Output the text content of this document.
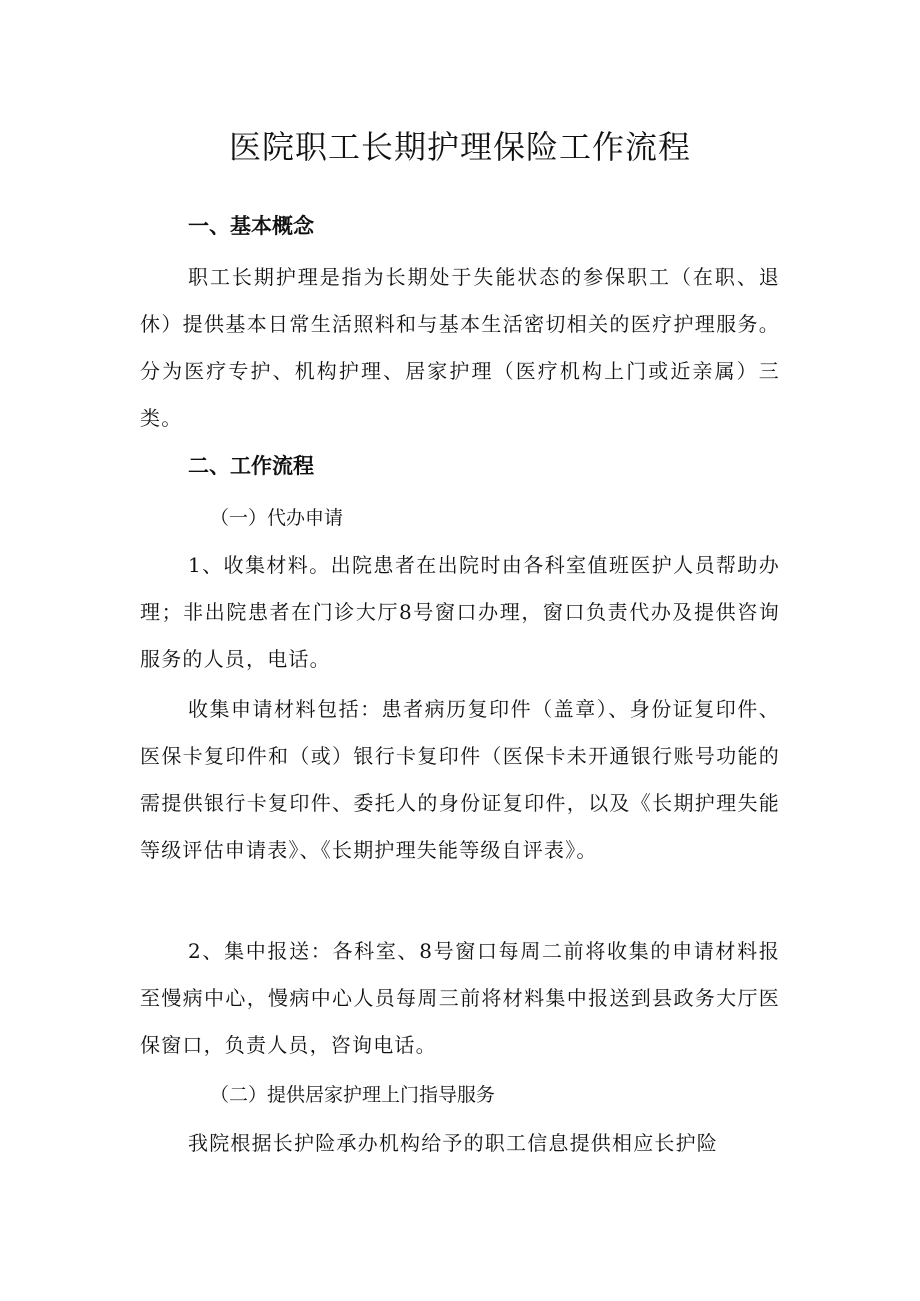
医院职工长期护理保险工作流程
一、基本概念

职工长期护理是指为长期处于失能状态的参保职工（在职、退休）提供基本日常生活照料和与基本生活密切相关的医疗护理服务。分为医疗专护、机构护理、居家护理（医疗机构上门或近亲属）三类。

二、工作流程

（一）代办申请

1、收集材料。出院患者在出院时由各科室值班医护人员帮助办理；非出院患者在门诊大厅8号窗口办理，窗口负责代办及提供咨询服务的人员，电话。

收集申请材料包括：患者病历复印件（盖章）、身份证复印件、医保卡复印件和（或）银行卡复印件（医保卡未开通银行账号功能的需提供银行卡复印件、委托人的身份证复印件，以及《长期护理失能等级评估申请表》、《长期护理失能等级自评表》。

2、集中报送：各科室、8号窗口每周二前将收集的申请材料报至慢病中心，慢病中心人员每周三前将材料集中报送到县政务大厅医保窗口，负责人员，咨询电话。

（二）提供居家护理上门指导服务

我院根据长护险承办机构给予的职工信息提供相应长护险
